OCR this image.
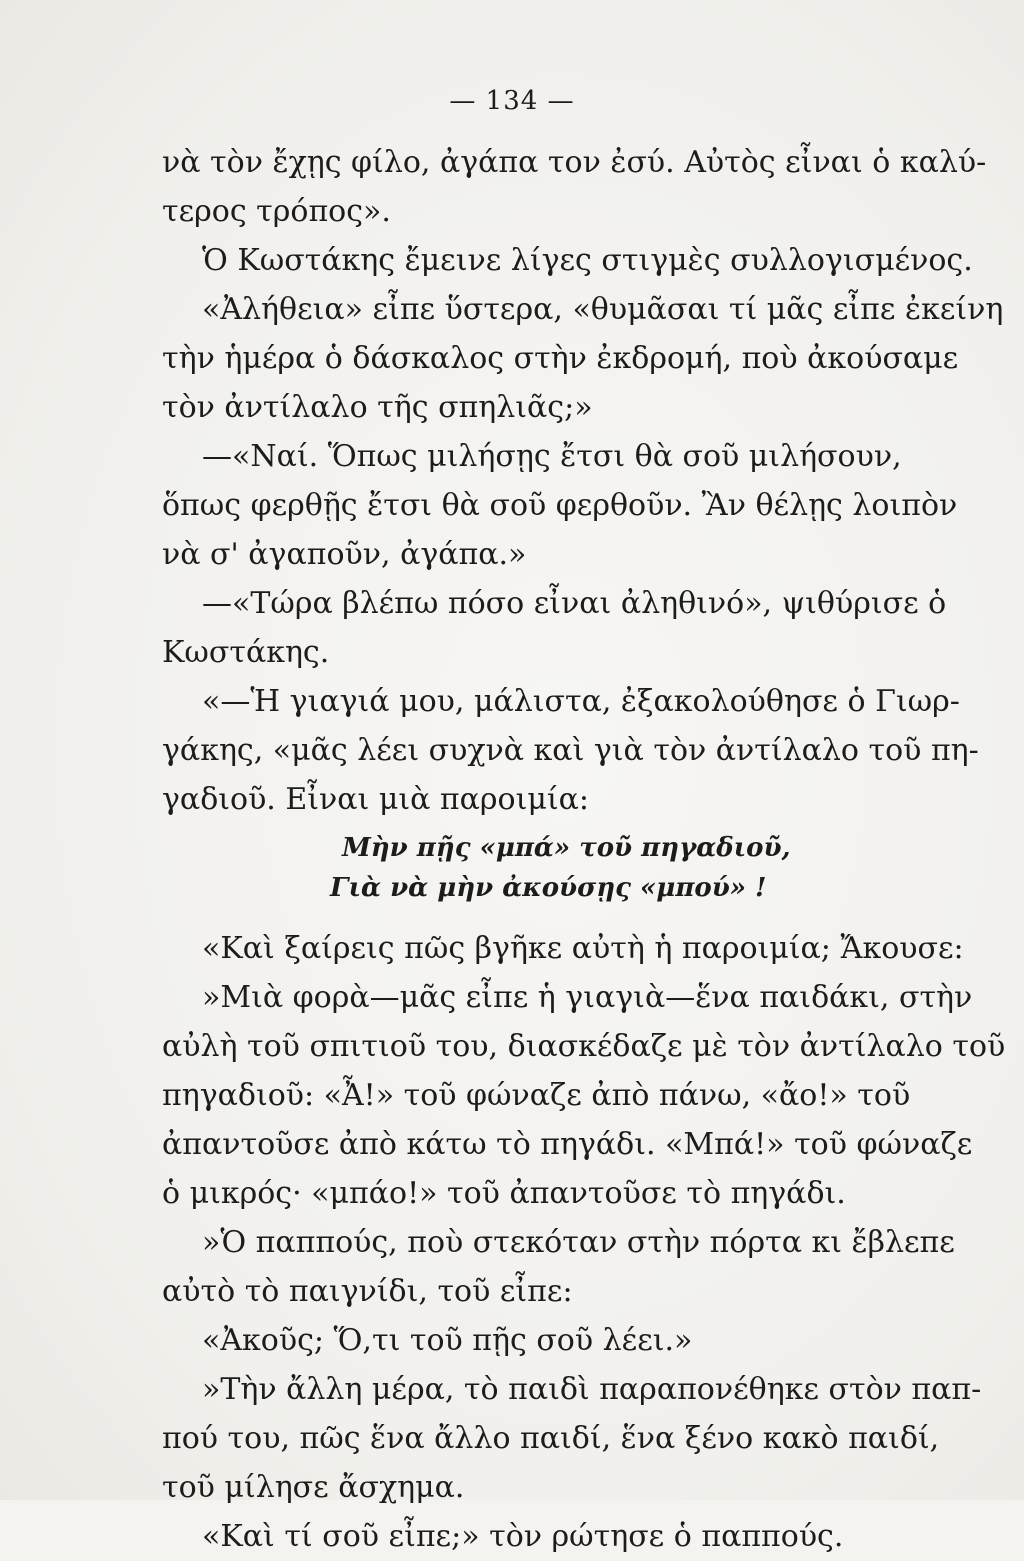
— 134 —
νὰ τὸν ἔχῃς φίλο, ἀγάπα τον ἐσύ. Αὐτὸς εἶναι ὁ καλύ-
τερος τρόπος».
Ὁ Κωστάκης ἔμεινε λίγες στιγμὲς συλλογισμένος.
«Ἀλήθεια» εἶπε ὕστερα, «θυμᾶσαι τί μᾶς εἶπε ἐκείνη
τὴν ἡμέρα ὁ δάσκαλος στὴν ἐκδρομή, ποὺ ἀκούσαμε
τὸν ἀντίλαλο τῆς σπηλιᾶς;»
—«Ναί. Ὅπως μιλήσῃς ἔτσι θὰ σοῦ μιλήσουν,
ὅπως φερθῇς ἔτσι θὰ σοῦ φερθοῦν. Ἂν θέλῃς λοιπὸν
νὰ σ' ἀγαποῦν, ἀγάπα.»
—«Τώρα βλέπω πόσο εἶναι ἀληθινό», ψιθύρισε ὁ
Κωστάκης.
«—Ἡ γιαγιά μου, μάλιστα, ἐξακολούθησε ὁ Γιωρ-
γάκης, «μᾶς λέει συχνὰ καὶ γιὰ τὸν ἀντίλαλο τοῦ πη-
γαδιοῦ. Εἶναι μιὰ παροιμία:
Μὴν πῇς «μπά» τοῦ πηγαδιοῦ,
Γιὰ νὰ μὴν ἀκούσῃς «μπού» !
«Καὶ ξαίρεις πῶς βγῆκε αὐτὴ ἡ παροιμία; Ἄκουσε:
»Μιὰ φορὰ—μᾶς εἶπε ἡ γιαγιὰ—ἕνα παιδάκι, στὴν
αὐλὴ τοῦ σπιτιοῦ του, διασκέδαζε μὲ τὸν ἀντίλαλο τοῦ
πηγαδιοῦ: «Ἆ!» τοῦ φώναζε ἀπὸ πάνω, «ἄο!» τοῦ
ἀπαντοῦσε ἀπὸ κάτω τὸ πηγάδι. «Μπά!» τοῦ φώναζε
ὁ μικρός· «μπάο!» τοῦ ἀπαντοῦσε τὸ πηγάδι.
»Ὁ παππούς, ποὺ στεκόταν στὴν πόρτα κι ἔβλεπε
αὐτὸ τὸ παιγνίδι, τοῦ εἶπε:
«Ἀκοῦς; Ὅ,τι τοῦ πῇς σοῦ λέει.»
»Τὴν ἄλλη μέρα, τὸ παιδὶ παραπονέθηκε στὸν παπ-
πού του, πῶς ἕνα ἄλλο παιδί, ἕνα ξένο κακὸ παιδί,
τοῦ μίλησε ἄσχημα.
«Καὶ τί σοῦ εἶπε;» τὸν ρώτησε ὁ παππούς.
